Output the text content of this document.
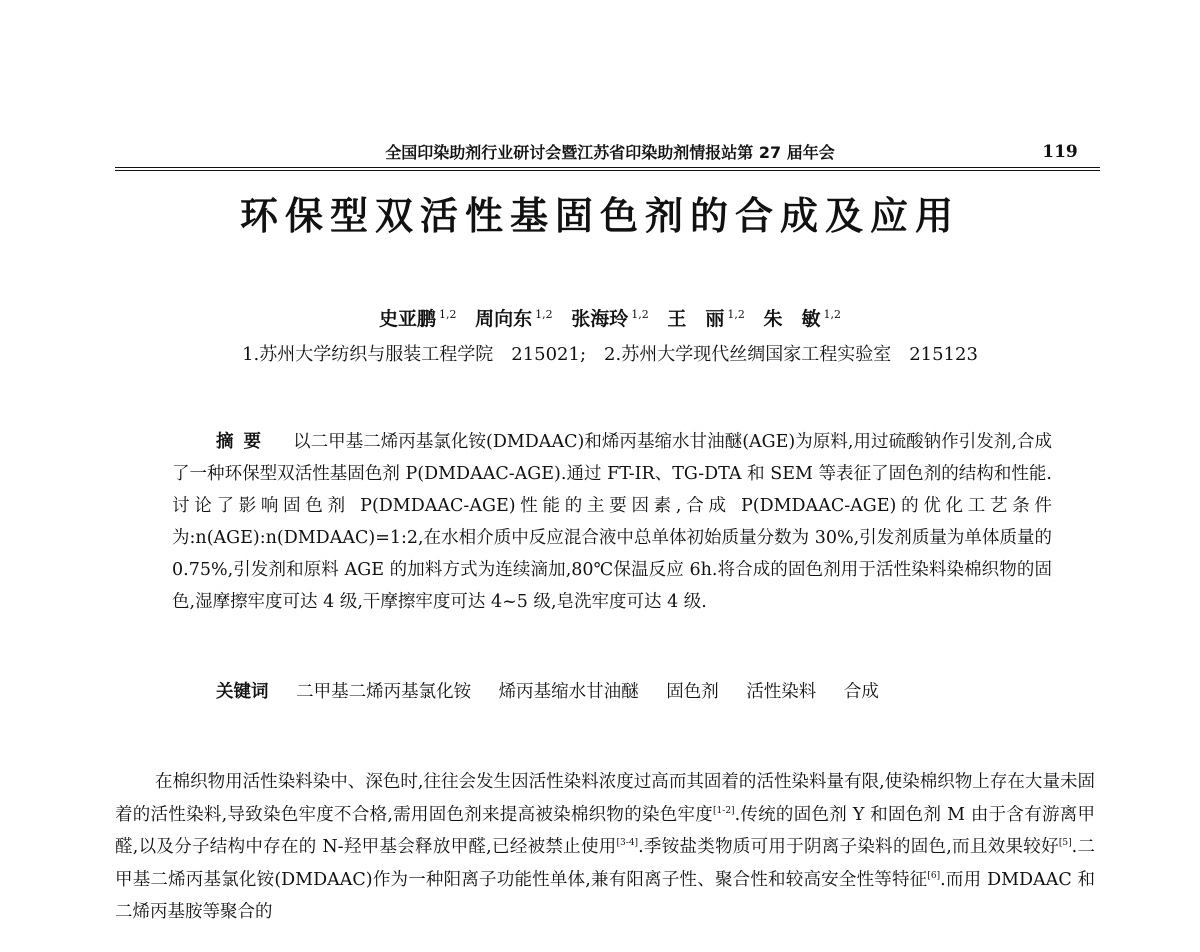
全国印染助剂行业研讨会暨江苏省印染助剂情报站第 27 届年会	119
环保型双活性基固色剂的合成及应用
史亚鹏 $^{1,2}$ 周向东 $^{1,2}$ 张海玲 $^{1,2}$ 王　丽 $^{1,2}$ 朱　敏 $^{1,2}$
1.苏州大学纺织与服装工程学院　215021;　2.苏州大学现代丝绸国家工程实验室　215123
摘要 以二甲基二烯丙基氯化铵(DMDAAC)和烯丙基缩水甘油醚(AGE)为原料,用过硫酸钠作引发剂,合成了一种环保型双活性基固色剂 P(DMDAAC-AGE).通过 FT-IR、TG-DTA 和 SEM 等表征了固色剂的结构和性能.讨论了影响固色剂 P(DMDAAC-AGE)性能的主要因素,合成 P(DMDAAC-AGE)的优化工艺条件为:n(AGE):n(DMDAAC)=1:2,在水相介质中反应混合液中总单体初始质量分数为 30%,引发剂质量为单体质量的 0.75%,引发剂和原料 AGE 的加料方式为连续滴加,80℃保温反应 6h.将合成的固色剂用于活性染料染棉织物的固色,湿摩擦牢度可达 4 级,干摩擦牢度可达 4~5 级,皂洗牢度可达 4 级.
关键词 二甲基二烯丙基氯化铵 烯丙基缩水甘油醚 固色剂 活性染料 合成
在棉织物用活性染料染中、深色时,往往会发生因活性染料浓度过高而其固着的活性染料量有限,使染棉织物上存在大量未固着的活性染料,导致染色牢度不合格,需用固色剂来提高被染棉织物的染色牢度[1-2].传统的固色剂 Y 和固色剂 M 由于含有游离甲醛,以及分子结构中存在的 N-羟甲基会释放甲醛,已经被禁止使用[3-4].季铵盐类物质可用于阴离子染料的固色,而且效果较好[5].二甲基二烯丙基氯化铵(DMDAAC)作为一种阳离子功能性单体,兼有阳离子性、聚合性和较高安全性等特征[6].而用 DMDAAC 和二烯丙基胺等聚合的
